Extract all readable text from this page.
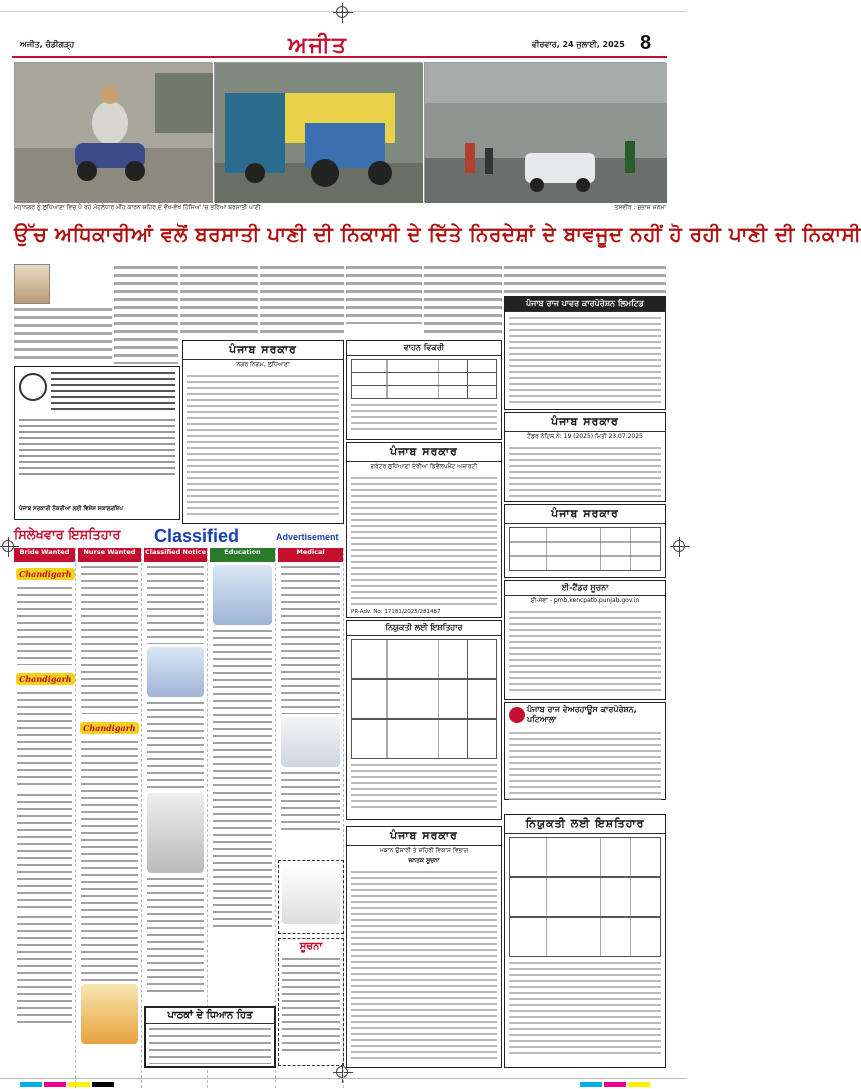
ਅਜੀਤ, ਚੰਡੀਗੜ੍ਹ	ਅਜੀਤ	ਵੀਰਵਾਰ, 24 ਜੁਲਾਈ, 2025 8
ਮਹਾਨਗਰ ਨੂੰ ਲੁਧਿਆਣਾ ਵਿਚ ਪੈ ਰਹੇ ਮੋਹਲੇਧਾਰ ਮੀਂਹ ਕਾਰਨ ਸ਼ਹਿਰ ਦੇ ਵੱਖ-ਵੱਖ ਹਿੱਸਿਆਂ 'ਚ ਭਰਿਆ ਬਰਸਾਤੀ ਪਾਣੀ	ਤਸਵੀਰ : ਸੁਭਾਸ਼ ਸ਼ਰਮਾ
ਉੱਚ ਅਧਿਕਾਰੀਆਂ ਵਲੋਂ ਬਰਸਾਤੀ ਪਾਣੀ ਦੀ ਨਿਕਾਸੀ ਦੇ ਦਿੱਤੇ ਨਿਰਦੇਸ਼ਾਂ ਦੇ ਬਾਵਜੂਦ ਨਹੀਂ ਹੋ ਰਹੀ ਪਾਣੀ ਦੀ ਨਿਕਾਸੀ
ਪੰਜਾਬ ਸਰਕਾਰੀ ਨੌਕਰੀਆਂ ਲਈ ਵਿਸ਼ੇਸ਼ ਸਕਾਲਰਸ਼ਿਪ
ਪੰਜਾਬ ਸਰਕਾਰ
ਨਗਰ ਨਿਗਮ, ਲੁਧਿਆਣਾ
ਵਾਹਨ ਵਿਕਰੀ
ਪੰਜਾਬ ਸਰਕਾਰ
ਗਰੇਟਰ ਲੁਧਿਆਣਾ ਏਰੀਆ ਡਿਵੈਲਪਮੈਂਟ ਅਥਾਰਟੀ
PR-Adv. No: 17181/2025/281487
ਨਿਯੁਕਤੀ ਲਈ ਇਸ਼ਤਿਹਾਰ
ਪੰਜਾਬ ਰਾਜ ਪਾਵਰ ਕਾਰਪੋਰੇਸ਼ਨ ਲਿਮਟਿਡ
ਪੰਜਾਬ ਸਰਕਾਰ
ਟੈਂਡਰ ਨੋਟਿਸ ਨੰ: 19 (2025) ਮਿਤੀ 23.07.2025
ਪੰਜਾਬ ਸਰਕਾਰ
ਈ-ਟੈਂਡਰ ਸੂਚਨਾ
ਈ-ਸੇਵਾ - pmb.kencpatb.punjab.gov.in
ਪੰਜਾਬ ਰਾਜ ਵੇਅਰਹਾਊਸ ਕਾਰਪੋਰੇਸ਼ਨ, ਪਟਿਆਲਾ
ਨਿਯੁਕਤੀ ਲਈ ਇਸ਼ਤਿਹਾਰ
ਪੰਜਾਬ ਸਰਕਾਰ
ਮਕਾਨ ਉਸਾਰੀ ਤੇ ਸ਼ਹਿਰੀ ਵਿਕਾਸ ਵਿਭਾਗ
ਜਨਤਕ ਸੂਚਨਾ
ਸਿਲੇਖਵਾਰ ਇਸ਼ਤਿਹਾਰ	Classified	Advertisement
Bride Wanted
Chandigarh
Chandigarh
Nurse Wanted
Chandigarh
Classified Notice	Education	Medical
ਸੂਚਨਾ
ਪਾਠਕਾਂ ਦੇ ਧਿਆਨ ਹਿਤ
